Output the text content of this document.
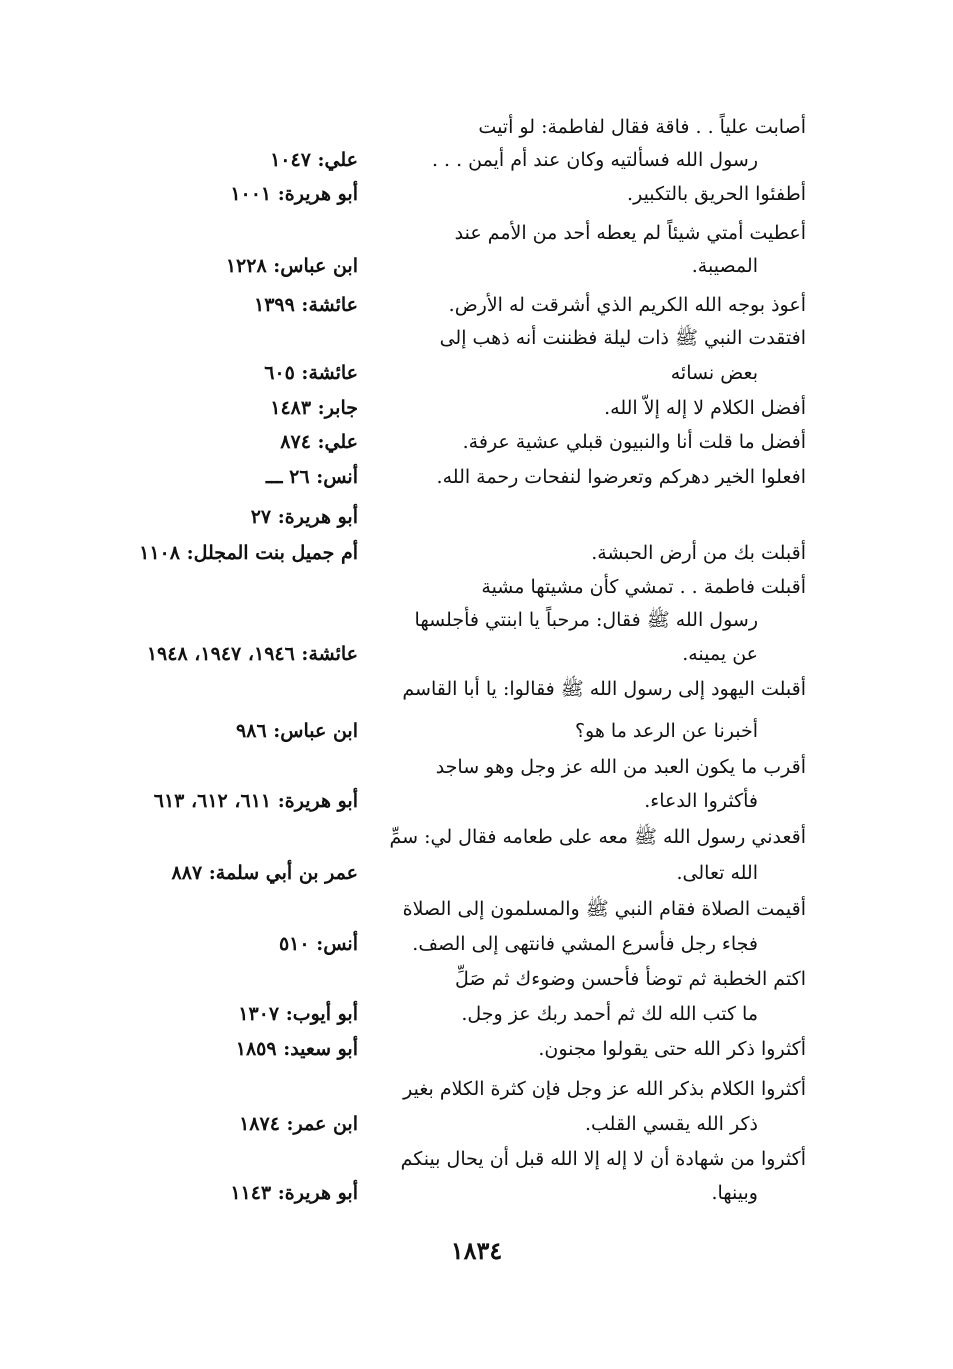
أصابت علياً . . فاقة فقال لفاطمة: لو أتيت
رسول الله فسألتيه وكان عند أم أيمن . . .
علي: ١٠٤٧
أطفئوا الحريق بالتكبير.
أبو هريرة: ١٠٠١
أعطيت أمتي شيئاً لم يعطه أحد من الأمم عند
المصيبة.
ابن عباس: ١٢٢٨
أعوذ بوجه الله الكريم الذي أشرقت له الأرض.
عائشة: ١٣٩٩
افتقدت النبي ﷺ ذات ليلة فظننت أنه ذهب إلى
بعض نسائه
عائشة: ٦٠٥
أفضل الكلام لا إله إلاّ الله.
جابر: ١٤٨٣
أفضل ما قلت أنا والنبيون قبلي عشية عرفة.
علي: ٨٧٤
افعلوا الخير دهركم وتعرضوا لنفحات رحمة الله.
أنس: ٢٦ ـــ
أبو هريرة: ٢٧
أقبلت بك من أرض الحبشة.
أم جميل بنت المجلل: ١١٠٨
أقبلت فاطمة . . تمشي كأن مشيتها مشية
رسول الله ﷺ فقال: مرحباً يا ابنتي فأجلسها
عن يمينه.
عائشة: ١٩٤٦، ١٩٤٧، ١٩٤٨
أقبلت اليهود إلى رسول الله ﷺ فقالوا: يا أبا القاسم
أخبرنا عن الرعد ما هو؟
ابن عباس: ٩٨٦
أقرب ما يكون العبد من الله عز وجل وهو ساجد
فأكثروا الدعاء.
أبو هريرة: ٦١١، ٦١٢، ٦١٣
أقعدني رسول الله ﷺ معه على طعامه فقال لي: سمِّ
الله تعالى.
عمر بن أبي سلمة: ٨٨٧
أقيمت الصلاة فقام النبي ﷺ والمسلمون إلى الصلاة
فجاء رجل فأسرع المشي فانتهى إلى الصف.
أنس: ٥١٠
اكتم الخطبة ثم توضأ فأحسن وضوءك ثم صَلِّ
ما كتب الله لك ثم أحمد ربك عز وجل.
أبو أيوب: ١٣٠٧
أكثروا ذكر الله حتى يقولوا مجنون.
أبو سعيد: ١٨٥٩
أكثروا الكلام بذكر الله عز وجل فإن كثرة الكلام بغير
ذكر الله يقسي القلب.
ابن عمر: ١٨٧٤
أكثروا من شهادة أن لا إله إلا الله قبل أن يحال بينكم
وبينها.
أبو هريرة: ١١٤٣
١٨٣٤
